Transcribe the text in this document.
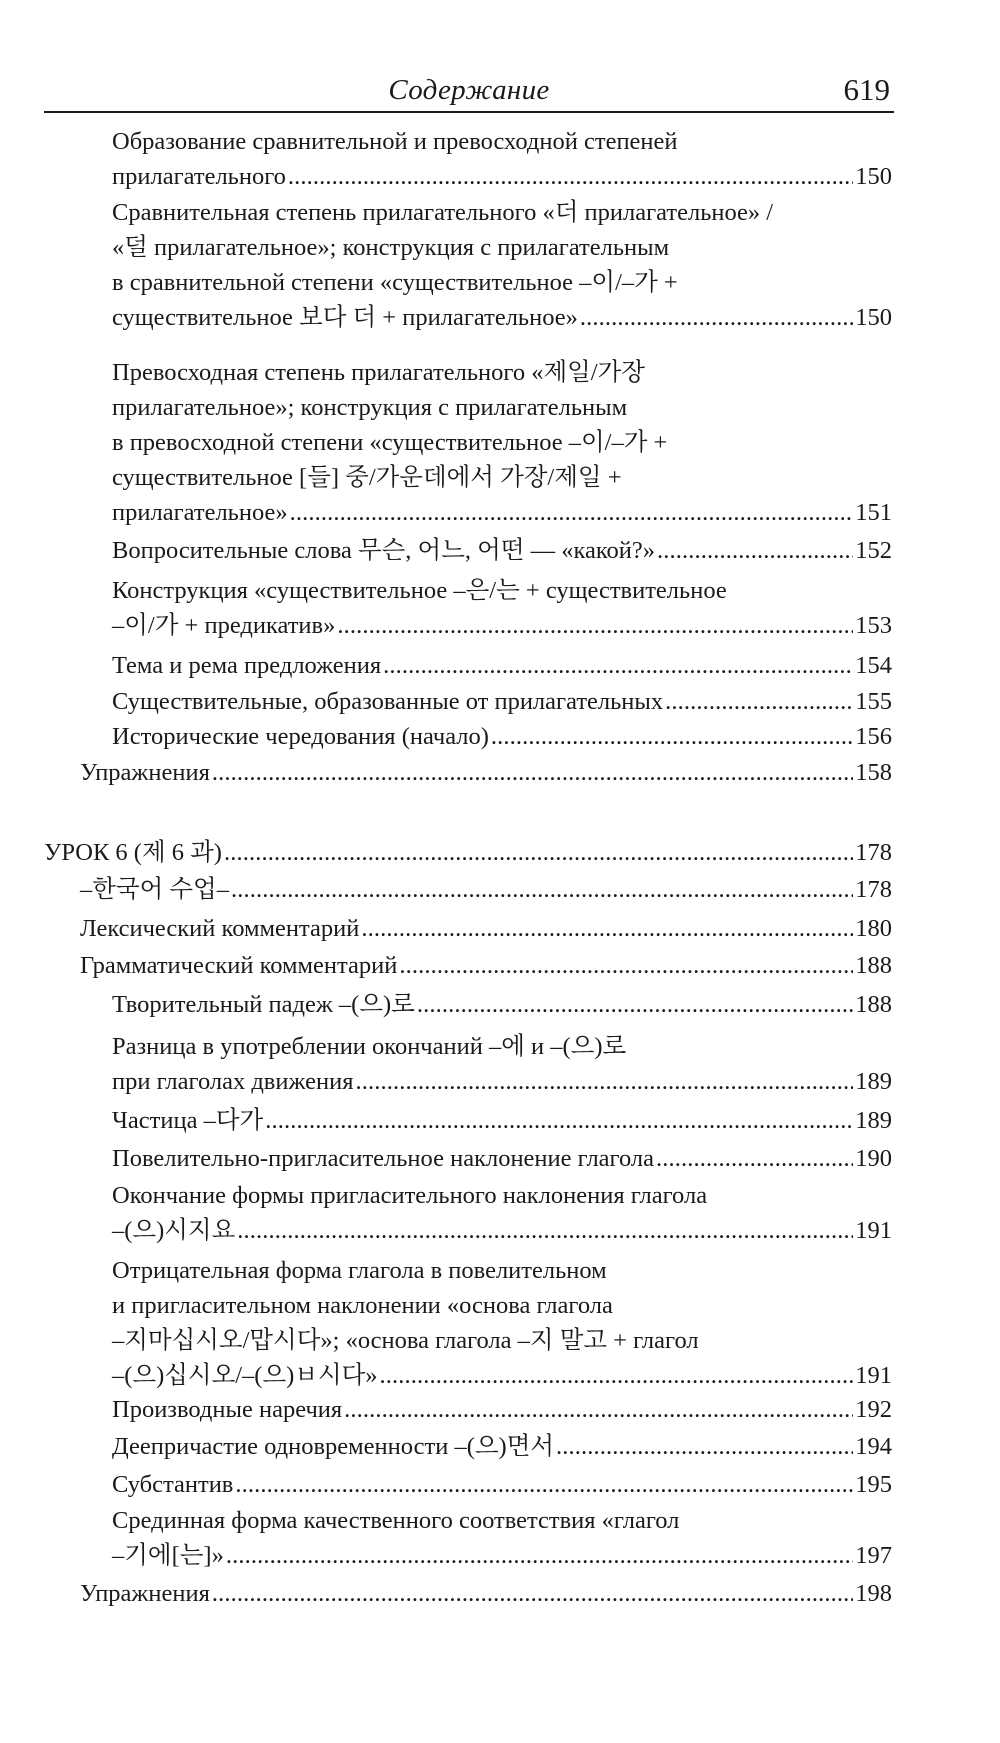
Содержание	619
Образование сравнительной и превосходной степеней
прилагательного . . .	150
Сравнительная степень прилагательного «더 прилагательное» /
«덜 прилагательное»; конструкция с прилагательным
в сравнительной степени «существительное –이/–가 +
существительное 보다 더 + прилагательное» . . .	150
Превосходная степень прилагательного «제일/가장
прилагательное»; конструкция с прилагательным
в превосходной степени «существительное –이/–가 +
существительное [들] 중/가운데에서 가장/제일 +
прилагательное» . . .	151
Вопросительные слова 무슨, 어느, 어떤 — «какой?» . . .	152
Конструкция «существительное –은/는 + существительное
–이/가 + предикатив» . . .	153
Тема и рема предложения . . .	154
Существительные, образованные от прилагательных . . .	155
Исторические чередования (начало) . . .	156
Упражнения . . .	158
УРОК 6 (제 6 과) . . .	178
–한국어 수업– . . .	178
Лексический комментарий . . .	180
Грамматический комментарий . . .	188
Творительный падеж –(으)로 . . .	188
Разница в употреблении окончаний –에 и –(으)로
при глаголах движения . . .	189
Частица –다가 . . .	189
Повелительно-пригласительное наклонение глагола . . .	190
Окончание формы пригласительного наклонения глагола
–(으)시지요 . . .	191
Отрицательная форма глагола в повелительном
и пригласительном наклонении «основа глагола
–지마십시오/맙시다»; «основа глагола –지 말고 + глагол
–(으)십시오/–(으)ㅂ시다» . . .	191
Производные наречия . . .	192
Деепричастие одновременности –(으)면서 . . .	194
Субстантив . . .	195
Срединная форма качественного соответствия «глагол
–기에[는]» . . .	197
Упражнения . . .	198
